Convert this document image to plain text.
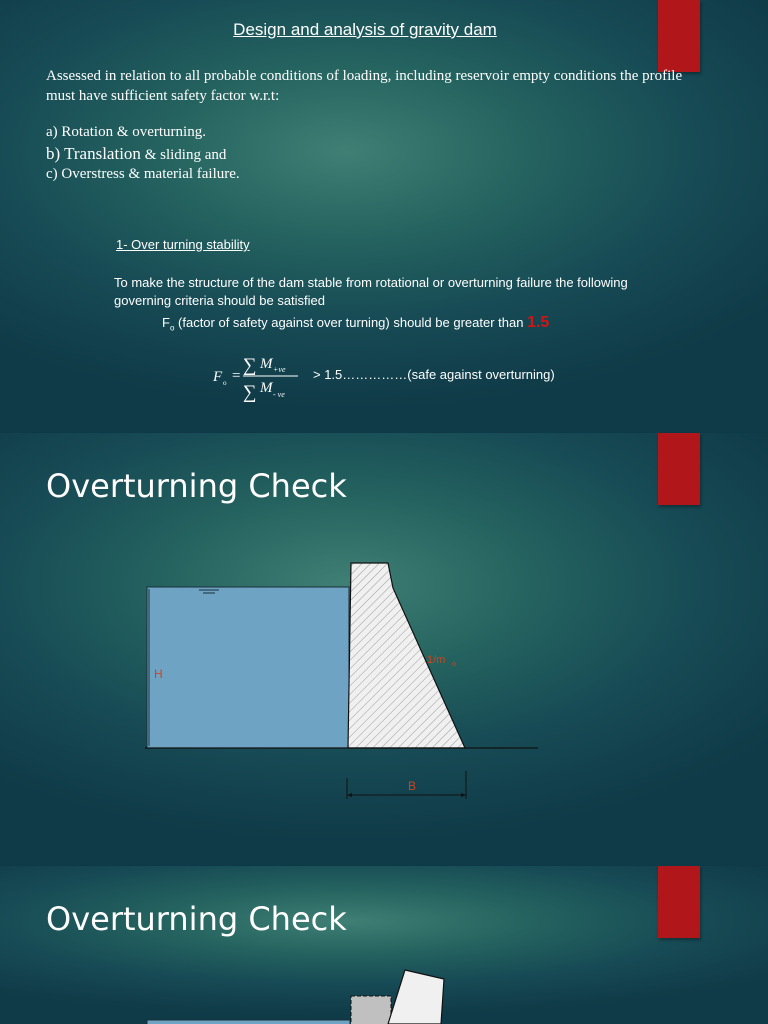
Design and analysis of gravity dam
Assessed in relation to all probable conditions of loading, including reservoir empty conditions the profile must have sufficient safety factor w.r.t:
a) Rotation & overturning.
b) Translation & sliding and
c) Overstress & material failure.
1- Over turning stability
To make the structure of the dam stable from rotational or overturning failure the following governing criteria should be satisfied
$F_o$ (factor of safety against over turning) should be greater than 1.5
F o = ∑ M +ve
∑ M - ve
> 1.5……………(safe against overturning)
Overturning Check
H
1/m o
B
Overturning Check
